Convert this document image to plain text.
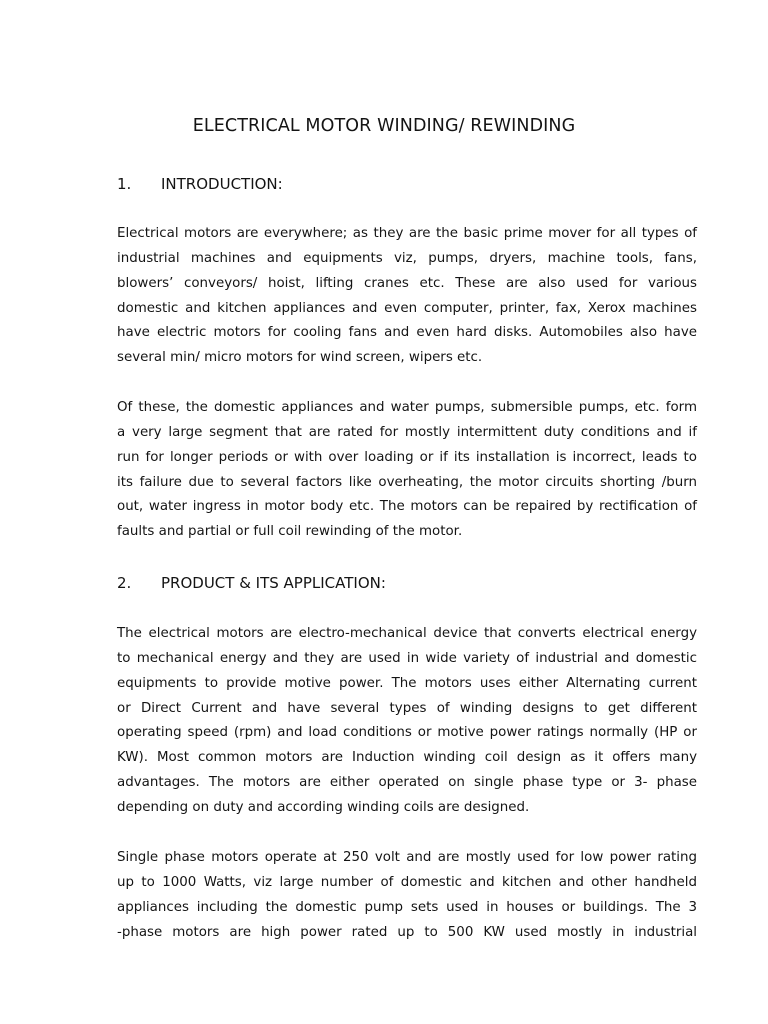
ELECTRICAL MOTOR WINDING/ REWINDING
1. INTRODUCTION:
Electrical motors are everywhere; as they are the basic prime mover for all types of
industrial machines and equipments viz, pumps, dryers, machine tools, fans,
blowers’ conveyors/ hoist, lifting cranes etc. These are also used for various
domestic and kitchen appliances and even computer, printer, fax, Xerox machines
have electric motors for cooling fans and even hard disks. Automobiles also have
several min/ micro motors for wind screen, wipers etc.
Of these, the domestic appliances and water pumps, submersible pumps, etc. form
a very large segment that are rated for mostly intermittent duty conditions and if
run for longer periods or with over loading or if its installation is incorrect, leads to
its failure due to several factors like overheating, the motor circuits shorting /burn
out, water ingress in motor body etc. The motors can be repaired by rectification of
faults and partial or full coil rewinding of the motor.
2. PRODUCT & ITS APPLICATION:
The electrical motors are electro-mechanical device that converts electrical energy
to mechanical energy and they are used in wide variety of industrial and domestic
equipments to provide motive power. The motors uses either Alternating current
or Direct Current and have several types of winding designs to get different
operating speed (rpm) and load conditions or motive power ratings normally (HP or
KW). Most common motors are Induction winding coil design as it offers many
advantages. The motors are either operated on single phase type or 3- phase
depending on duty and according winding coils are designed.
Single phase motors operate at 250 volt and are mostly used for low power rating
up to 1000 Watts, viz large number of domestic and kitchen and other handheld
appliances including the domestic pump sets used in houses or buildings. The 3
-phase motors are high power rated up to 500 KW used mostly in industrial
